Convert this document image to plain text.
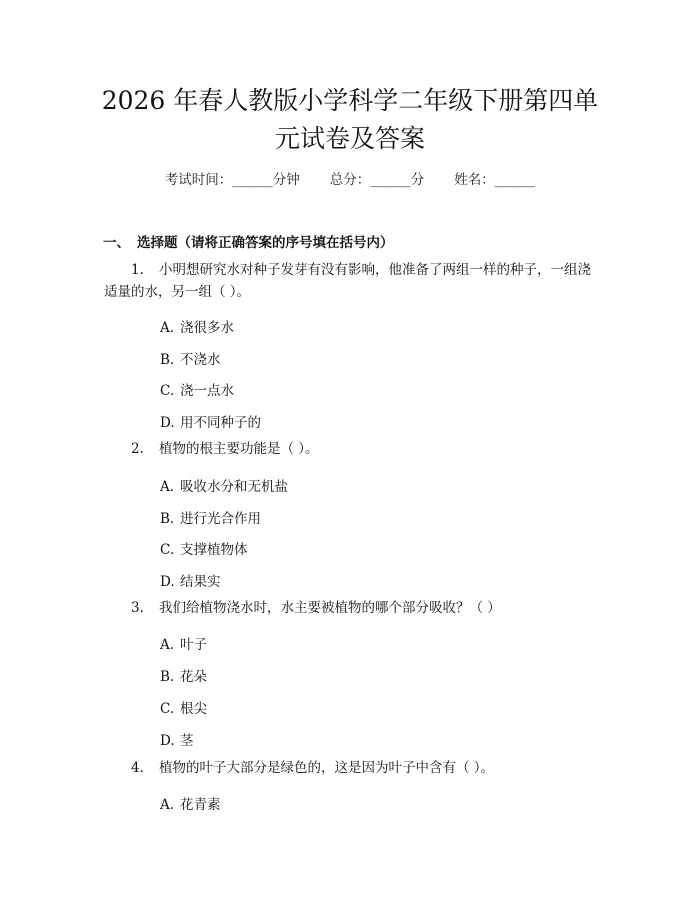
2026 年春人教版小学科学二年级下册第四单
元试卷及答案
考试时间：______分钟 总分：______分 姓名：______
一、 选择题（请将正确答案的序号填在括号内）
1. 小明想研究水对种子发芽有没有影响，他准备了两组一样的种子，一组浇
适量的水，另一组（ ）。
A. 浇很多水
B. 不浇水
C. 浇一点水
D. 用不同种子的
2. 植物的根主要功能是（ ）。
A. 吸收水分和无机盐
B. 进行光合作用
C. 支撑植物体
D. 结果实
3. 我们给植物浇水时，水主要被植物的哪个部分吸收？（ ）
A. 叶子
B. 花朵
C. 根尖
D. 茎
4. 植物的叶子大部分是绿色的，这是因为叶子中含有（ ）。
A. 花青素
